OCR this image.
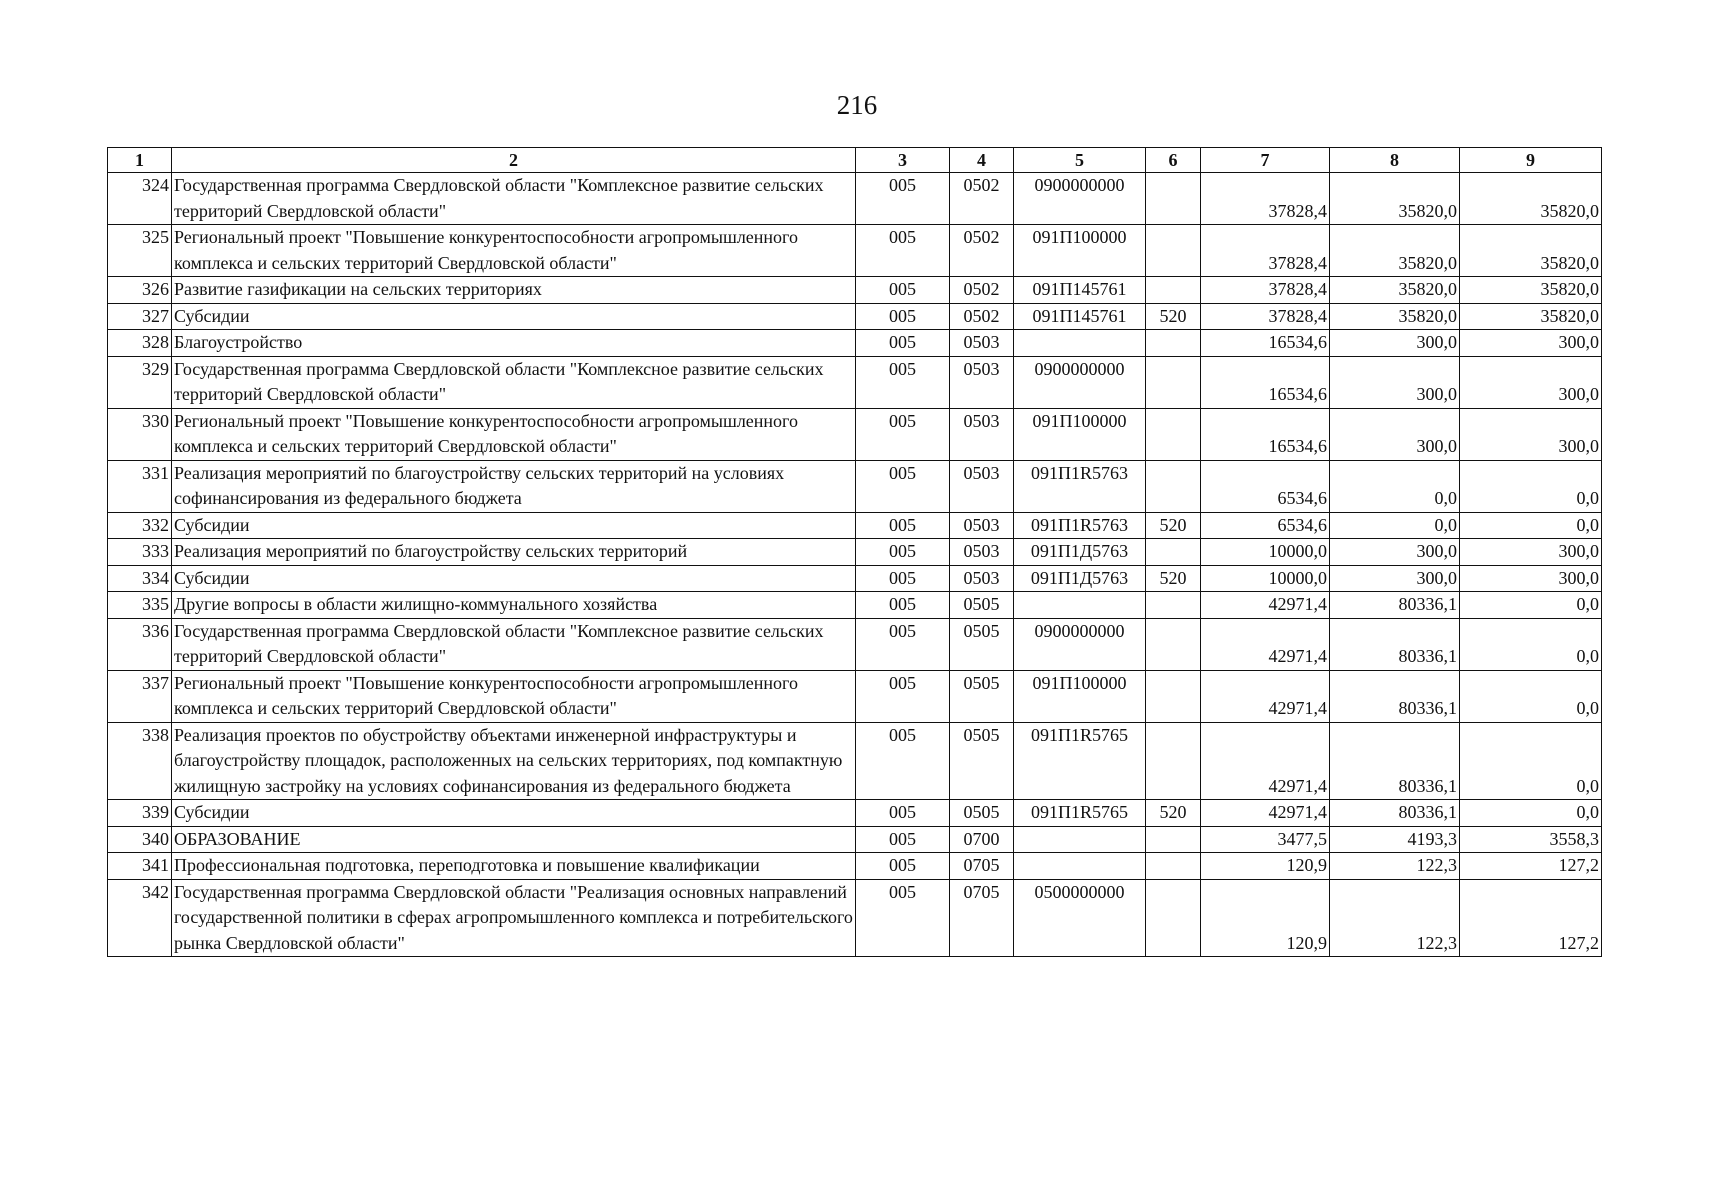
216
1	2	3	4	5	6	7	8	9
324	Государственная программа Свердловской области "Комплексное развитие сельских территорий Свердловской области"	005	0502	0900000000		37828,4	35820,0	35820,0
325	Региональный проект "Повышение конкурентоспособности агропромышленного комплекса и сельских территорий Свердловской области"	005	0502	091П100000		37828,4	35820,0	35820,0
326	Развитие газификации на сельских территориях	005	0502	091П145761		37828,4	35820,0	35820,0
327	Субсидии	005	0502	091П145761	520	37828,4	35820,0	35820,0
328	Благоустройство	005	0503			16534,6	300,0	300,0
329	Государственная программа Свердловской области "Комплексное развитие сельских территорий Свердловской области"	005	0503	0900000000		16534,6	300,0	300,0
330	Региональный проект "Повышение конкурентоспособности агропромышленного комплекса и сельских территорий Свердловской области"	005	0503	091П100000		16534,6	300,0	300,0
331	Реализация мероприятий по благоустройству сельских территорий на условиях софинансирования из федерального бюджета	005	0503	091П1R5763		6534,6	0,0	0,0
332	Субсидии	005	0503	091П1R5763	520	6534,6	0,0	0,0
333	Реализация мероприятий по благоустройству сельских территорий	005	0503	091П1Д5763		10000,0	300,0	300,0
334	Субсидии	005	0503	091П1Д5763	520	10000,0	300,0	300,0
335	Другие вопросы в области жилищно-коммунального хозяйства	005	0505			42971,4	80336,1	0,0
336	Государственная программа Свердловской области "Комплексное развитие сельских территорий Свердловской области"	005	0505	0900000000		42971,4	80336,1	0,0
337	Региональный проект "Повышение конкурентоспособности агропромышленного комплекса и сельских территорий Свердловской области"	005	0505	091П100000		42971,4	80336,1	0,0
338	Реализация проектов по обустройству объектами инженерной инфраструктуры и благоустройству площадок, расположенных на сельских территориях, под компактную жилищную застройку на условиях софинансирования из федерального бюджета	005	0505	091П1R5765		42971,4	80336,1	0,0
339	Субсидии	005	0505	091П1R5765	520	42971,4	80336,1	0,0
340	ОБРАЗОВАНИЕ	005	0700			3477,5	4193,3	3558,3
341	Профессиональная подготовка, переподготовка и повышение квалификации	005	0705			120,9	122,3	127,2
342	Государственная программа Свердловской области "Реализация основных направлений государственной политики в сферах агропромышленного комплекса и потребительского рынка Свердловской области"	005	0705	0500000000		120,9	122,3	127,2
